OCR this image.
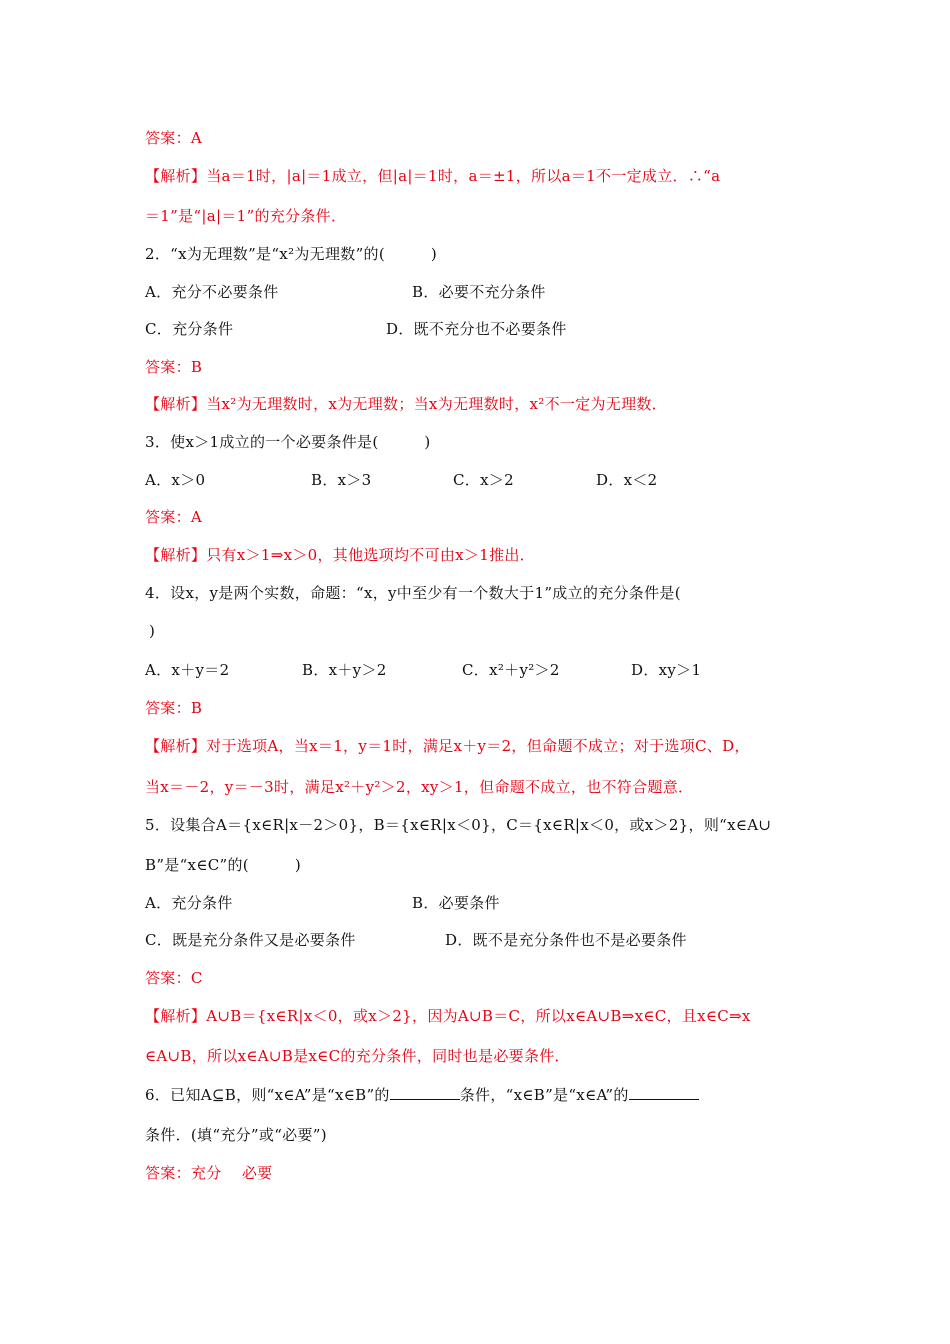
答案：A
【解析】当a＝1时，|a|＝1成立，但|a|＝1时，a＝±1，所以a＝1不一定成立．∴“a
＝1”是“|a|＝1”的充分条件．
2．“x为无理数”是“x²为无理数”的(　　　)
A．充分不必要条件	B．必要不充分条件
C．充分条件	D．既不充分也不必要条件
答案：B
【解析】当x²为无理数时，x为无理数；当x为无理数时，x²不一定为无理数．
3．使x＞1成立的一个必要条件是(　　　)
A．x＞0	B．x＞3	C．x＞2	D．x＜2
答案：A
【解析】只有x＞1⇒x＞0，其他选项均不可由x＞1推出．
4．设x，y是两个实数，命题：“x，y中至少有一个数大于1”成立的充分条件是(
)
A．x＋y＝2	B．x＋y＞2	C．x²＋y²＞2	D．xy＞1
答案：B
【解析】对于选项A，当x＝1，y＝1时，满足x＋y＝2，但命题不成立；对于选项C、D，
当x＝－2，y＝－3时，满足x²＋y²＞2，xy＞1，但命题不成立，也不符合题意．
5．设集合A＝{x∈R|x－2＞0}，B＝{x∈R|x＜0}，C＝{x∈R|x＜0，或x＞2}，则“x∈A∪
B”是“x∈C”的(　　　)
A．充分条件	B．必要条件
C．既是充分条件又是必要条件	D．既不是充分条件也不是必要条件
答案：C
【解析】A∪B＝{x∈R|x＜0，或x＞2}，因为A∪B＝C，所以x∈A∪B⇒x∈C，且x∈C⇒x
∈A∪B，所以x∈A∪B是x∈C的充分条件，同时也是必要条件．
6．已知A⊆B，则“x∈A”是“x∈B”的	条件，“x∈B”是“x∈A”的
条件．(填“充分”或“必要”)
答案：充分　 必要
